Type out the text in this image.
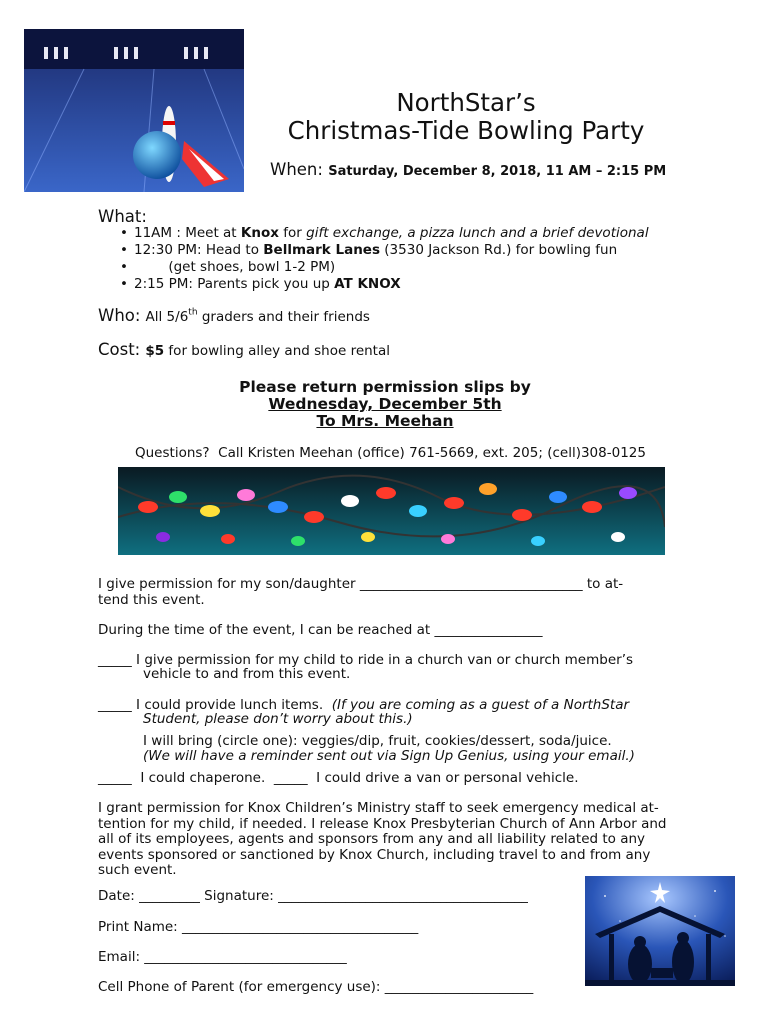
NorthStar’s
Christmas-Tide Bowling Party
When: Saturday, December 8, 2018, 11 AM – 2:15 PM
What:
• 11AM : Meet at Knox for gift exchange, a pizza lunch and a brief devotional
• 12:30 PM: Head to Bellmark Lanes (3530 Jackson Rd.) for bowling fun
• (get shoes, bowl 1-2 PM)
• 2:15 PM: Parents pick you up AT KNOX
Who: All 5/6th graders and their friends
Cost: $5 for bowling alley and shoe rental
Please return permission slips by
Wednesday, December 5th
To Mrs. Meehan
Questions?  Call Kristen Meehan (office) 761-5669, ext. 205; (cell)308-0125
I give permission for my son/daughter _________________________________ to at-
tend this event.
During the time of the event, I can be reached at ________________
_____ I give permission for my child to ride in a church van or church member’s
vehicle to and from this event.
_____ I could provide lunch items.  (If you are coming as a guest of a NorthStar
Student, please don’t worry about this.)
I will bring (circle one): veggies/dip, fruit, cookies/dessert, soda/juice.
(We will have a reminder sent out via Sign Up Genius, using your email.)
_____  I could chaperone.  _____  I could drive a van or personal vehicle.
I grant permission for Knox Children’s Ministry staff to seek emergency medical at-
tention for my child, if needed. I release Knox Presbyterian Church of Ann Arbor and
all of its employees, agents and sponsors from any and all liability related to any
events sponsored or sanctioned by Knox Church, including travel to and from any
such event.
Date: _________ Signature: _____________________________________
Print Name: ___________________________________
Email: ______________________________
Cell Phone of Parent (for emergency use): ______________________
